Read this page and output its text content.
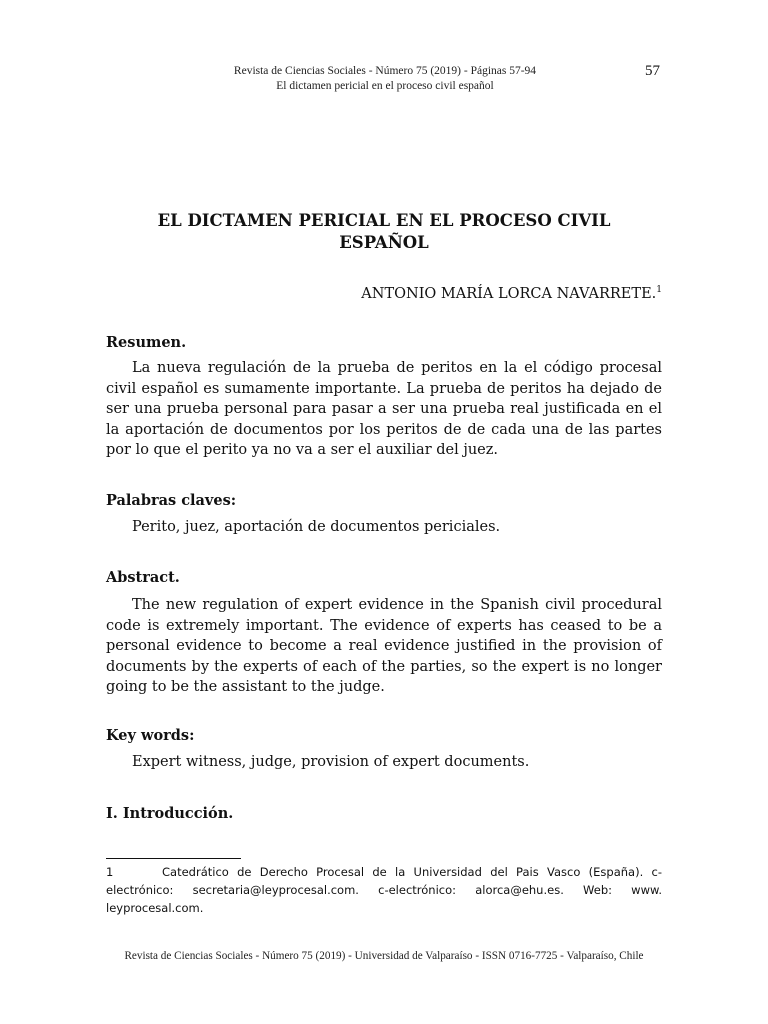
Revista de Ciencias Sociales - Número 75 (2019) - Páginas 57-94
El dictamen pericial en el proceso civil español
57
EL DICTAMEN PERICIAL EN EL PROCESO CIVIL
ESPAÑOL
ANTONIO MARÍA LORCA NAVARRETE.$^1$
Resumen.

La nueva regulación de la prueba de peritos en la el código procesal civil español es sumamente importante. La prueba de peritos ha dejado de ser una prueba personal para pasar a ser una prueba real justificada en el la aportación de documentos por los peritos de de cada una de las partes por lo que el perito ya no va a ser el auxiliar del juez.

Palabras claves:

Perito, juez, aportación de documentos periciales.

Abstract.

The new regulation of expert evidence in the Spanish civil procedural code is extremely important. The evidence of experts has ceased to be a personal evidence to become a real evidence justified in the provision of documents by the experts of each of the parties, so the expert is no longer going to be the assistant to the judge.

Key words:

Expert witness, judge, provision of expert documents.

I. Introducción.
1	Catedrático de Derecho Procesal de la Universidad del Pais Vasco (España). c-electrónico: secretaria@leyprocesal.com. c-electrónico: alorca@ehu.es. Web: www. leyprocesal.com.
Revista de Ciencias Sociales - Número 75 (2019) - Universidad de Valparaíso - ISSN 0716-7725 - Valparaíso, Chile
